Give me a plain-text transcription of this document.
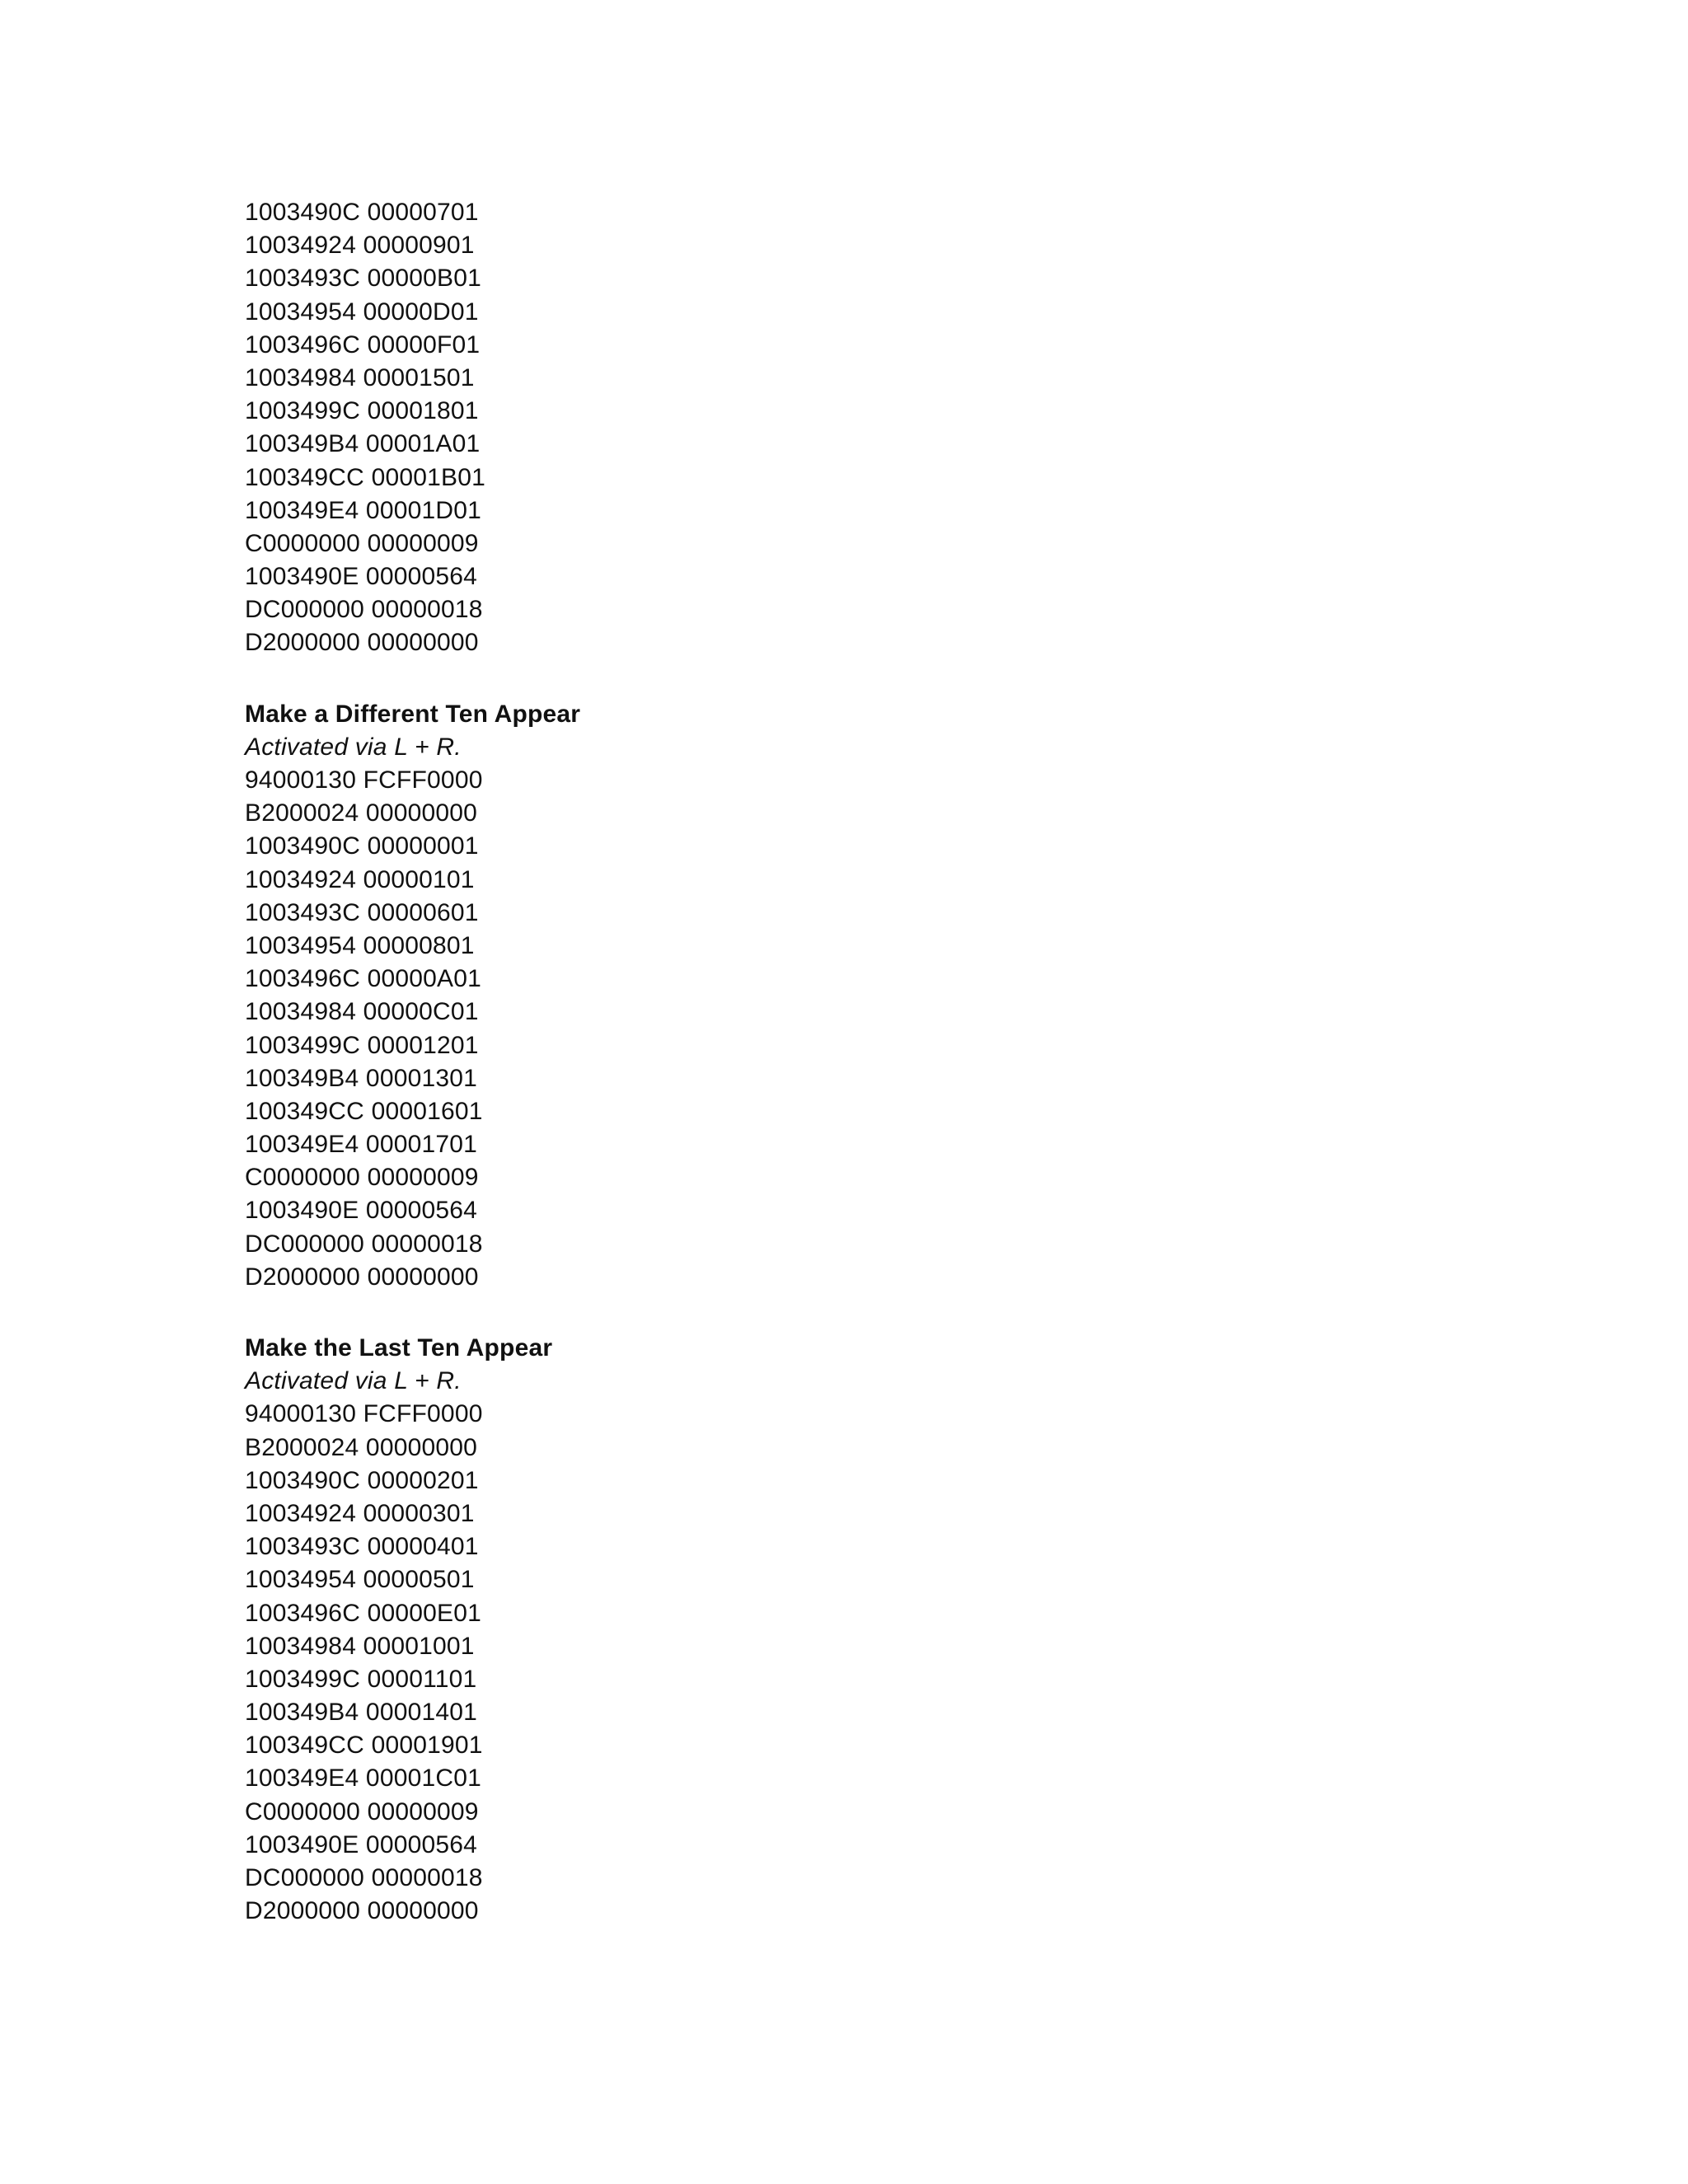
1003490C 00000701
10034924 00000901
1003493C 00000B01
10034954 00000D01
1003496C 00000F01
10034984 00001501
1003499C 00001801
100349B4 00001A01
100349CC 00001B01
100349E4 00001D01
C0000000 00000009
1003490E 00000564
DC000000 00000018
D2000000 00000000
Make a Different Ten Appear
Activated via L + R.
94000130 FCFF0000
B2000024 00000000
1003490C 00000001
10034924 00000101
1003493C 00000601
10034954 00000801
1003496C 00000A01
10034984 00000C01
1003499C 00001201
100349B4 00001301
100349CC 00001601
100349E4 00001701
C0000000 00000009
1003490E 00000564
DC000000 00000018
D2000000 00000000
Make the Last Ten Appear
Activated via L + R.
94000130 FCFF0000
B2000024 00000000
1003490C 00000201
10034924 00000301
1003493C 00000401
10034954 00000501
1003496C 00000E01
10034984 00001001
1003499C 00001101
100349B4 00001401
100349CC 00001901
100349E4 00001C01
C0000000 00000009
1003490E 00000564
DC000000 00000018
D2000000 00000000
